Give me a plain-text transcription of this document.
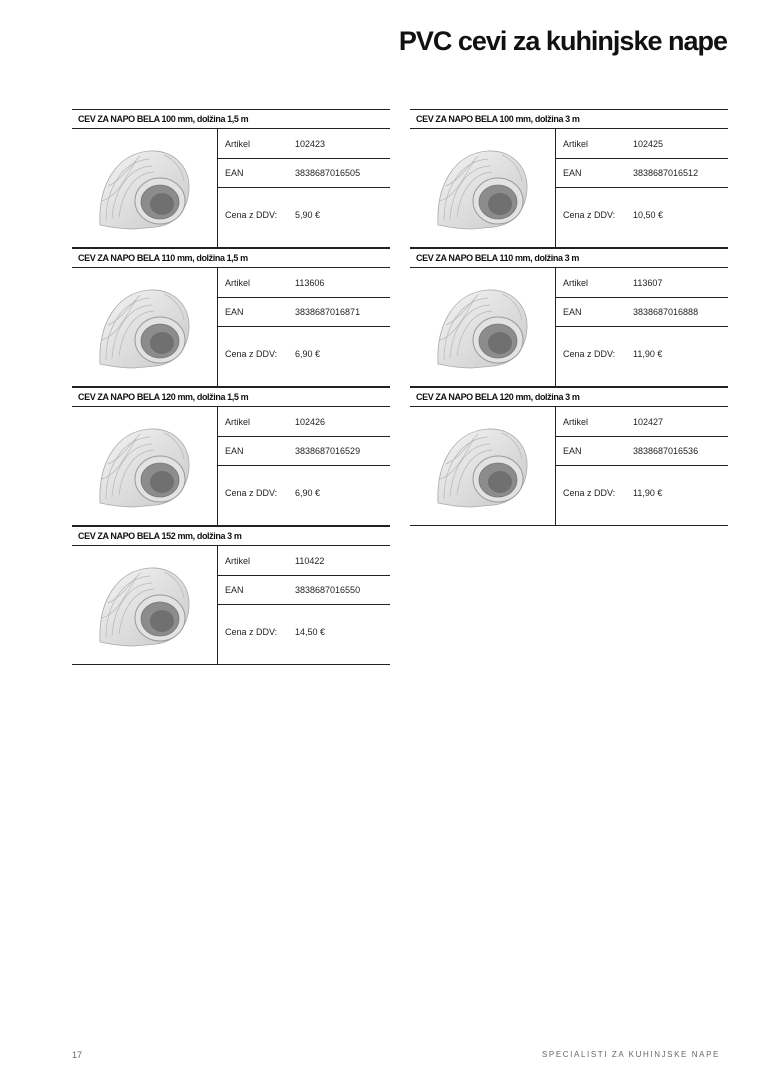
PVC cevi za kuhinjske nape
CEV ZA NAPO BELA 100 mm, dolžina 1,5 m
Artikel	102423
EAN	3838687016505
Cena z DDV: 5,90 €
CEV ZA NAPO BELA 100 mm, dolžina 3 m
Artikel	102425
EAN	3838687016512
Cena z DDV: 10,50 €
CEV ZA NAPO BELA 110 mm, dolžina 1,5 m
Artikel	113606
EAN	3838687016871
Cena z DDV: 6,90 €
CEV ZA NAPO BELA 110 mm, dolžina 3 m
Artikel	113607
EAN	3838687016888
Cena z DDV: 11,90 €
CEV ZA NAPO BELA 120 mm, dolžina 1,5 m
Artikel	102426
EAN	3838687016529
Cena z DDV: 6,90 €
CEV ZA NAPO BELA 120 mm, dolžina 3 m
Artikel	102427
EAN	3838687016536
Cena z DDV: 11,90 €
CEV ZA NAPO BELA 152 mm, dolžina 3 m
Artikel	110422
EAN	3838687016550
Cena z DDV: 14,50 €
17	SPECIALISTI ZA KUHINJSKE NAPE
